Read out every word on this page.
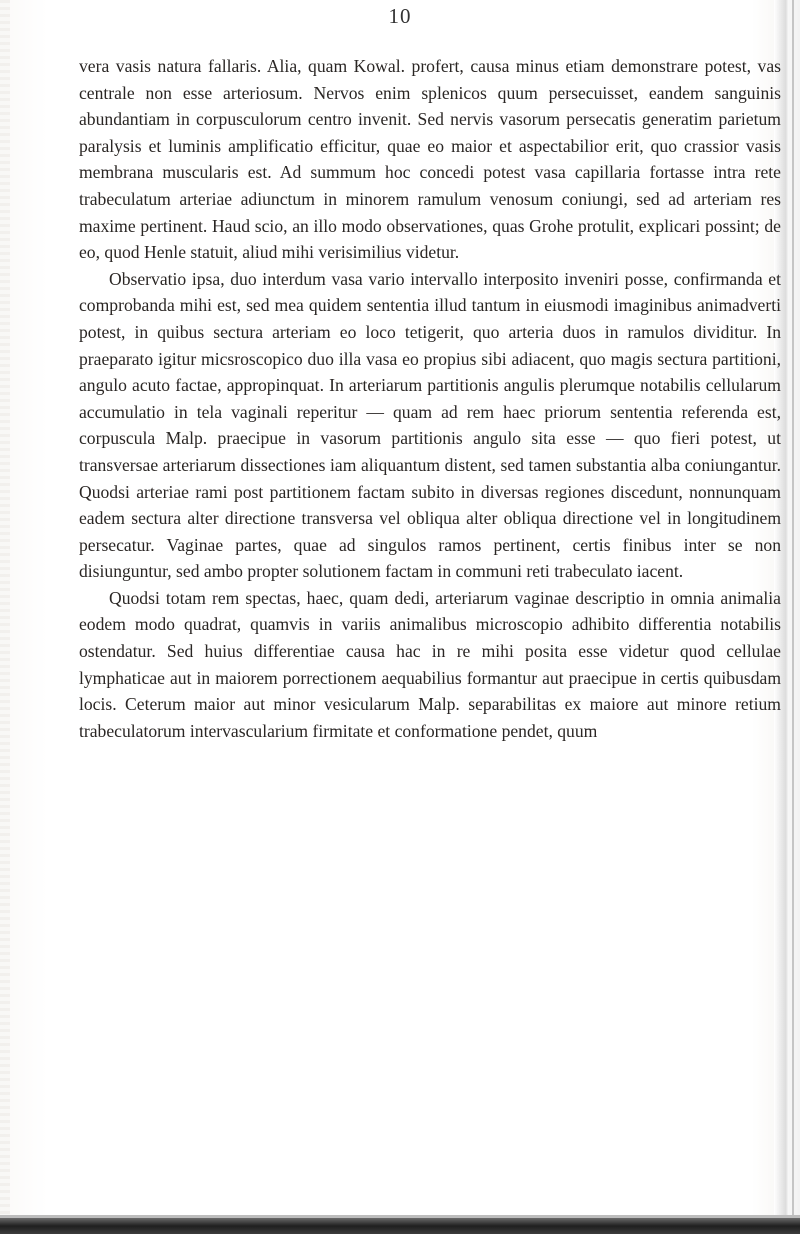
10

vera vasis natura fallaris. Alia, quam Kowal. profert, causa minus etiam demonstrare potest, vas centrale non esse arteriosum. Nervos enim splenicos quum persecuisset, eandem sanguinis abundantiam in corpusculorum centro invenit. Sed nervis vasorum persecatis generatim parietum paralysis et luminis amplificatio efficitur, quae eo maior et aspectabilior erit, quo crassior vasis membrana muscularis est. Ad summum hoc concedi potest vasa capillaria fortasse intra rete trabeculatum arteriae adiunctum in minorem ramulum venosum coniungi, sed ad arteriam res maxime pertinent. Haud scio, an illo modo observationes, quas Grohe protulit, explicari possint; de eo, quod Henle statuit, aliud mihi verisimilius videtur.

Observatio ipsa, duo interdum vasa vario intervallo interposito inveniri posse, confirmanda et comprobanda mihi est, sed mea quidem sententia illud tantum in eiusmodi imaginibus animadverti potest, in quibus sectura arteriam eo loco tetigerit, quo arteria duos in ramulos dividitur. In praeparato igitur micsroscopico duo illa vasa eo propius sibi adiacent, quo magis sectura partitioni, angulo acuto factae, appropinquat. In arteriarum partitionis angulis plerumque notabilis cellularum accumulatio in tela vaginali reperitur — quam ad rem haec priorum sententia referenda est, corpuscula Malp. praecipue in vasorum partitionis angulo sita esse — quo fieri potest, ut transversae arteriarum dissectiones iam aliquantum distent, sed tamen substantia alba coniungantur. Quodsi arteriae rami post partitionem factam subito in diversas regiones discedunt, nonnunquam eadem sectura alter directione transversa vel obliqua alter obliqua directione vel in longitudinem persecatur. Vaginae partes, quae ad singulos ramos pertinent, certis finibus inter se non disiunguntur, sed ambo propter solutionem factam in communi reti trabeculato iacent.

Quodsi totam rem spectas, haec, quam dedi, arteriarum vaginae descriptio in omnia animalia eodem modo quadrat, quamvis in variis animalibus microscopio adhibito differentia notabilis ostendatur. Sed huius differentiae causa hac in re mihi posita esse videtur quod cellulae lymphaticae aut in maiorem porrectionem aequabilius formantur aut praecipue in certis quibusdam locis. Ceterum maior aut minor vesicularum Malp. separabilitas ex maiore aut minore retium trabeculatorum intervascularium firmitate et conformatione pendet, quum
